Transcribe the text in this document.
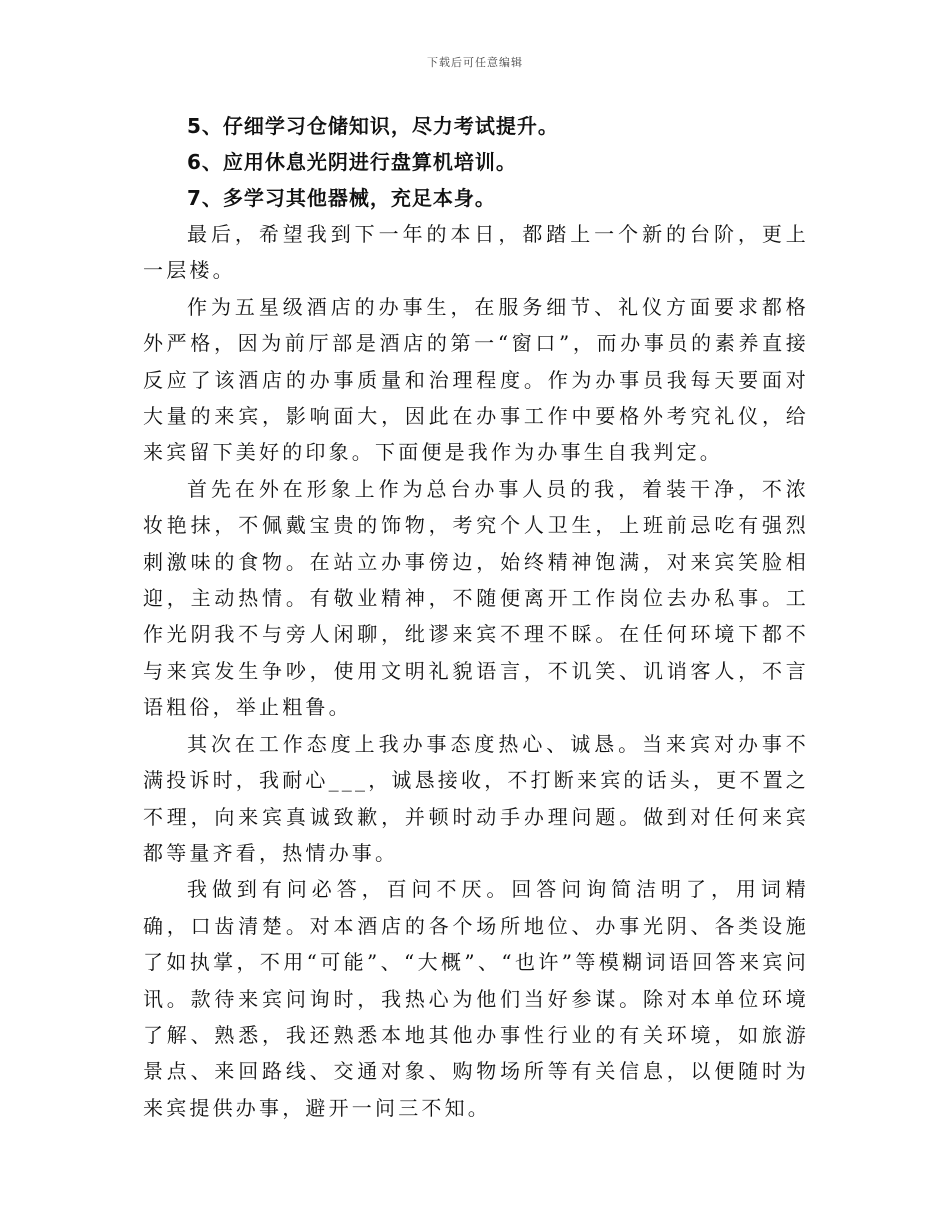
下载后可任意编辑

5、仔细学习仓储知识，尽力考试提升。

6、应用休息光阴进行盘算机培训。

7、多学习其他器械，充足本身。

最后，希望我到下一年的本日，都踏上一个新的台阶，更上一层楼。

作为五星级酒店的办事生，在服务细节、礼仪方面要求都格外严格，因为前厅部是酒店的第一“窗口”，而办事员的素养直接反应了该酒店的办事质量和治理程度。作为办事员我每天要面对大量的来宾，影响面大，因此在办事工作中要格外考究礼仪，给来宾留下美好的印象。下面便是我作为办事生自我判定。

首先在外在形象上作为总台办事人员的我，着装干净，不浓妆艳抹，不佩戴宝贵的饰物，考究个人卫生，上班前忌吃有强烈刺激味的食物。在站立办事傍边，始终精神饱满，对来宾笑脸相迎，主动热情。有敬业精神，不随便离开工作岗位去办私事。工作光阴我不与旁人闲聊，纰谬来宾不理不睬。在任何环境下都不与来宾发生争吵，使用文明礼貌语言，不讥笑、讥诮客人，不言语粗俗，举止粗鲁。

其次在工作态度上我办事态度热心、诚恳。当来宾对办事不满投诉时，我耐心___，诚恳接收，不打断来宾的话头，更不置之不理，向来宾真诚致歉，并顿时动手办理问题。做到对任何来宾都等量齐看，热情办事。

我做到有问必答，百问不厌。回答问询简洁明了，用词精确，口齿清楚。对本酒店的各个场所地位、办事光阴、各类设施了如执掌，不用“可能”、“大概”、“也许”等模糊词语回答来宾问讯。款待来宾问询时，我热心为他们当好参谋。除对本单位环境了解、熟悉，我还熟悉本地其他办事性行业的有关环境，如旅游景点、来回路线、交通对象、购物场所等有关信息，以便随时为来宾提供办事，避开一问三不知。
